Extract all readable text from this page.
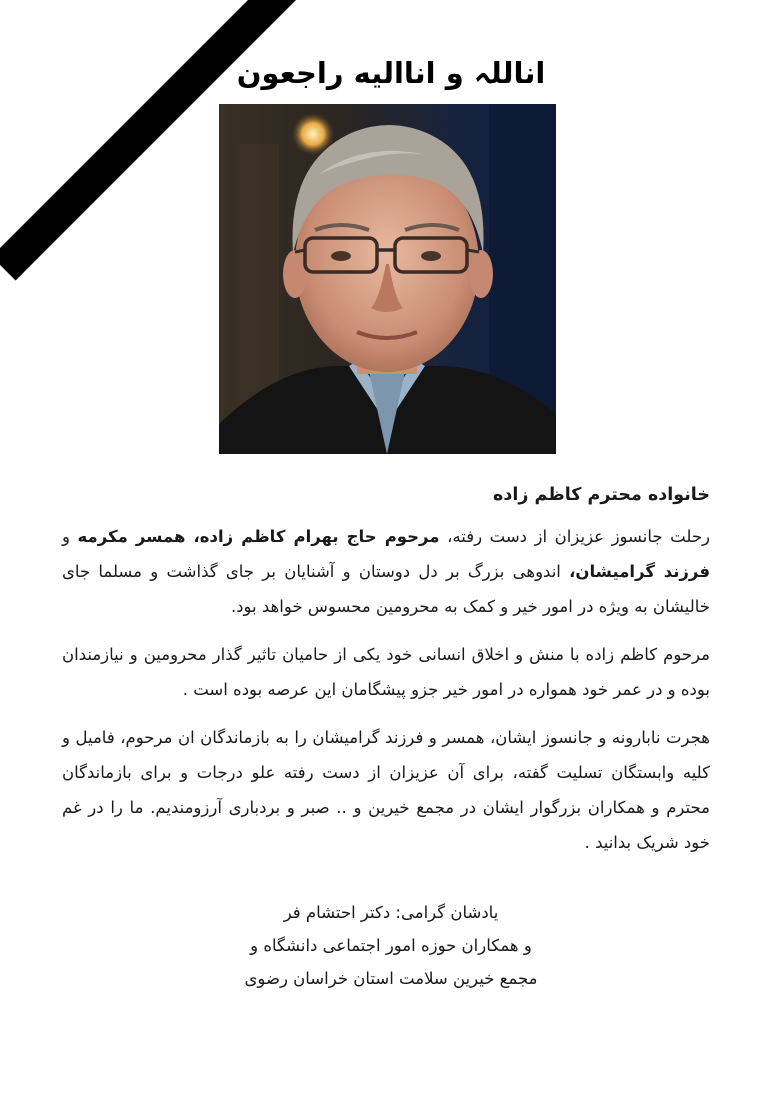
اناللہ و اناالیه راجعون

خانواده محترم کاظم زاده

رحلت جانسوز عزیزان از دست رفته، مرحوم حاج بهرام کاظم زاده، همسر مکرمه و فرزند گرامیشان، اندوهی بزرگ بر دل دوستان و آشنایان بر جای گذاشت و مسلما جای خالیشان به ویژه در امور خیر و کمک به محرومین محسوس خواهد بود.

مرحوم کاظم زاده با منش و اخلاق انسانی خود یکی از حامیان تاثیر گذار محرومین و نیازمندان بوده و در عمر خود همواره در امور خیر جزو پیشگامان این عرصه بوده است .

هجرت نابارونه و جانسوز ایشان، همسر و فرزند گرامیشان را به بازماندگان ان مرحوم، فامیل و کلیه وابستگان تسلیت گفته، برای آن عزیزان از دست رفته علو درجات و برای بازماندگان محترم و همکاران بزرگوار ایشان در مجمع خیرین و .. صبر و بردباری آرزومندیم. ما را در غم خود شریک بدانید .

یادشان گرامی: دکتر احتشام فر
و همکاران حوزه امور اجتماعی دانشگاه و
مجمع خیرین سلامت استان خراسان رضوی
